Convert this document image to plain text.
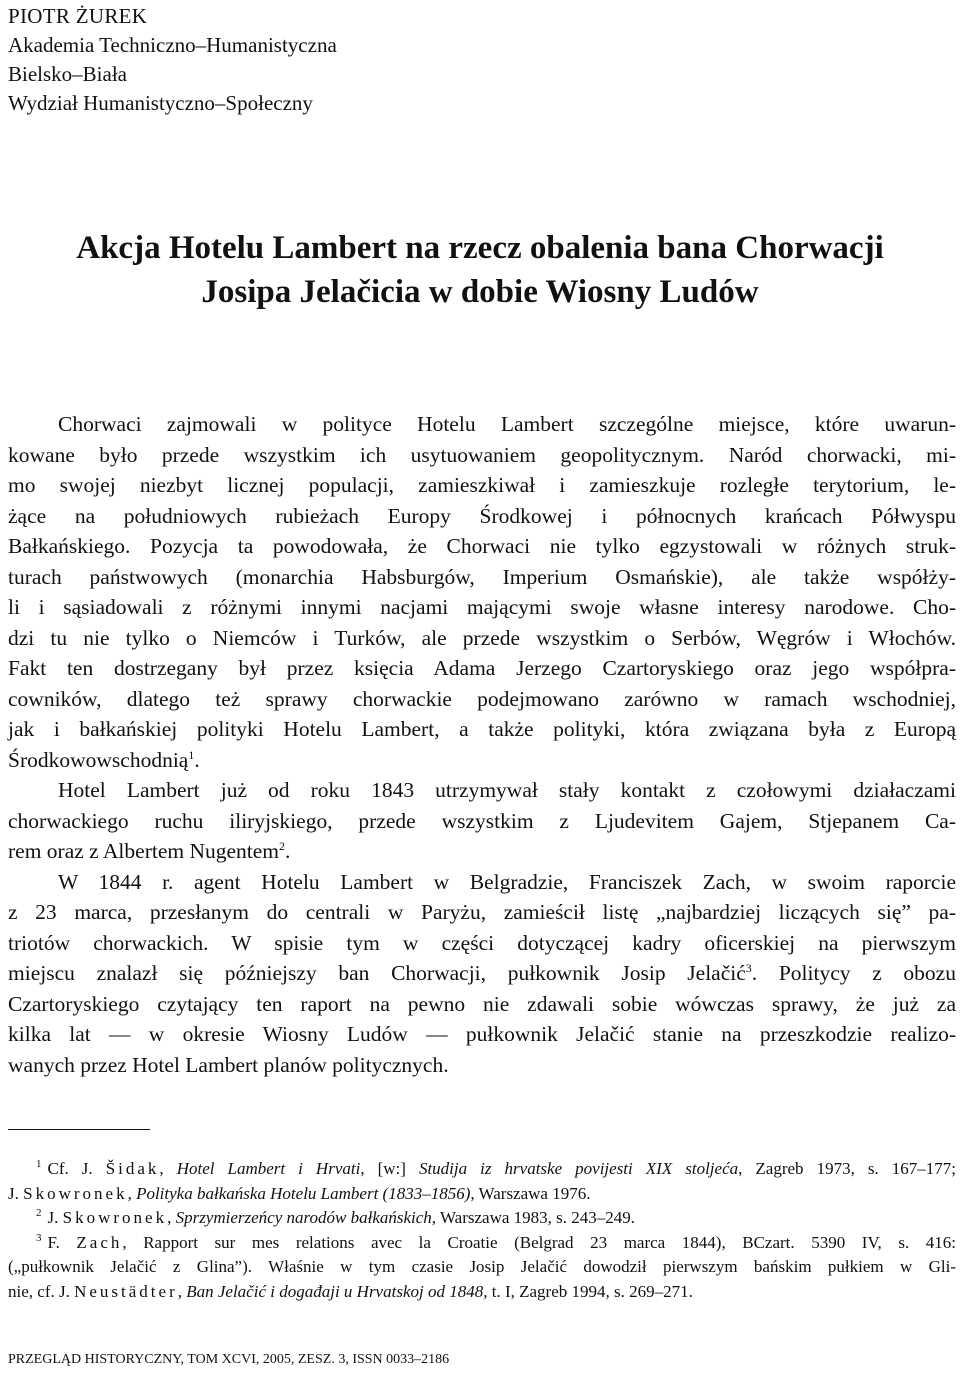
PIOTR ŻUREK
Akademia Techniczno–Humanistyczna
Bielsko–Biała
Wydział Humanistyczno–Społeczny
Akcja Hotelu Lambert na rzecz obalenia bana Chorwacji
Josipa Jelačicia w dobie Wiosny Ludów
Chorwaci zajmowali w polityce Hotelu Lambert szczególne miejsce, które uwarun-
kowane było przede wszystkim ich usytuowaniem geopolitycznym. Naród chorwacki, mi-
mo swojej niezbyt licznej populacji, zamieszkiwał i zamieszkuje rozległe terytorium, le-
żące na południowych rubieżach Europy Środkowej i północnych krańcach Półwyspu
Bałkańskiego. Pozycja ta powodowała, że Chorwaci nie tylko egzystowali w różnych struk-
turach państwowych (monarchia Habsburgów, Imperium Osmańskie), ale także współży-
li i sąsiadowali z różnymi innymi nacjami mającymi swoje własne interesy narodowe. Cho-
dzi tu nie tylko o Niemców i Turków, ale przede wszystkim o Serbów, Węgrów i Włochów.
Fakt ten dostrzegany był przez księcia Adama Jerzego Czartoryskiego oraz jego współpra-
cowników, dlatego też sprawy chorwackie podejmowano zarówno w ramach wschodniej,
jak i bałkańskiej polityki Hotelu Lambert, a także polityki, która związana była z Europą
Środkowowschodnią$^1$.
Hotel Lambert już od roku 1843 utrzymywał stały kontakt z czołowymi działaczami
chorwackiego ruchu iliryjskiego, przede wszystkim z Ljudevitem Gajem, Stjepanem Ca-
rem oraz z Albertem Nugentem$^2$.
W 1844 r. agent Hotelu Lambert w Belgradzie, Franciszek Zach, w swoim raporcie
z 23 marca, przesłanym do centrali w Paryżu, zamieścił listę „najbardziej liczących się” pa-
triotów chorwackich. W spisie tym w części dotyczącej kadry oficerskiej na pierwszym
miejscu znalazł się późniejszy ban Chorwacji, pułkownik Josip Jelačić$^3$. Politycy z obozu
Czartoryskiego czytający ten raport na pewno nie zdawali sobie wówczas sprawy, że już za
kilka lat — w okresie Wiosny Ludów — pułkownik Jelačić stanie na przeszkodzie realizo-
wanych przez Hotel Lambert planów politycznych.
$^1$ Cf. J. Šidak, Hotel Lambert i Hrvati, [w:] Studija iz hrvatske povijesti XIX stoljeća, Zagreb 1973, s. 167–177;
J. Skowronek, Polityka bałkańska Hotelu Lambert (1833–1856), Warszawa 1976.
$^2$ J. Skowronek, Sprzymierzeńcy narodów bałkańskich, Warszawa 1983, s. 243–249.
$^3$ F. Zach, Rapport sur mes relations avec la Croatie (Belgrad 23 marca 1844), BCzart. 5390 IV, s. 416:
(„pułkownik Jelačić z Glina”). Właśnie w tym czasie Josip Jelačić dowodził pierwszym bańskim pułkiem w Gli-
nie, cf. J. Neustädter, Ban Jelačić i događaji u Hrvatskoj od 1848, t. I, Zagreb 1994, s. 269–271.
PRZEGLĄD HISTORYCZNY, TOM XCVI, 2005, ZESZ. 3, ISSN 0033–2186
